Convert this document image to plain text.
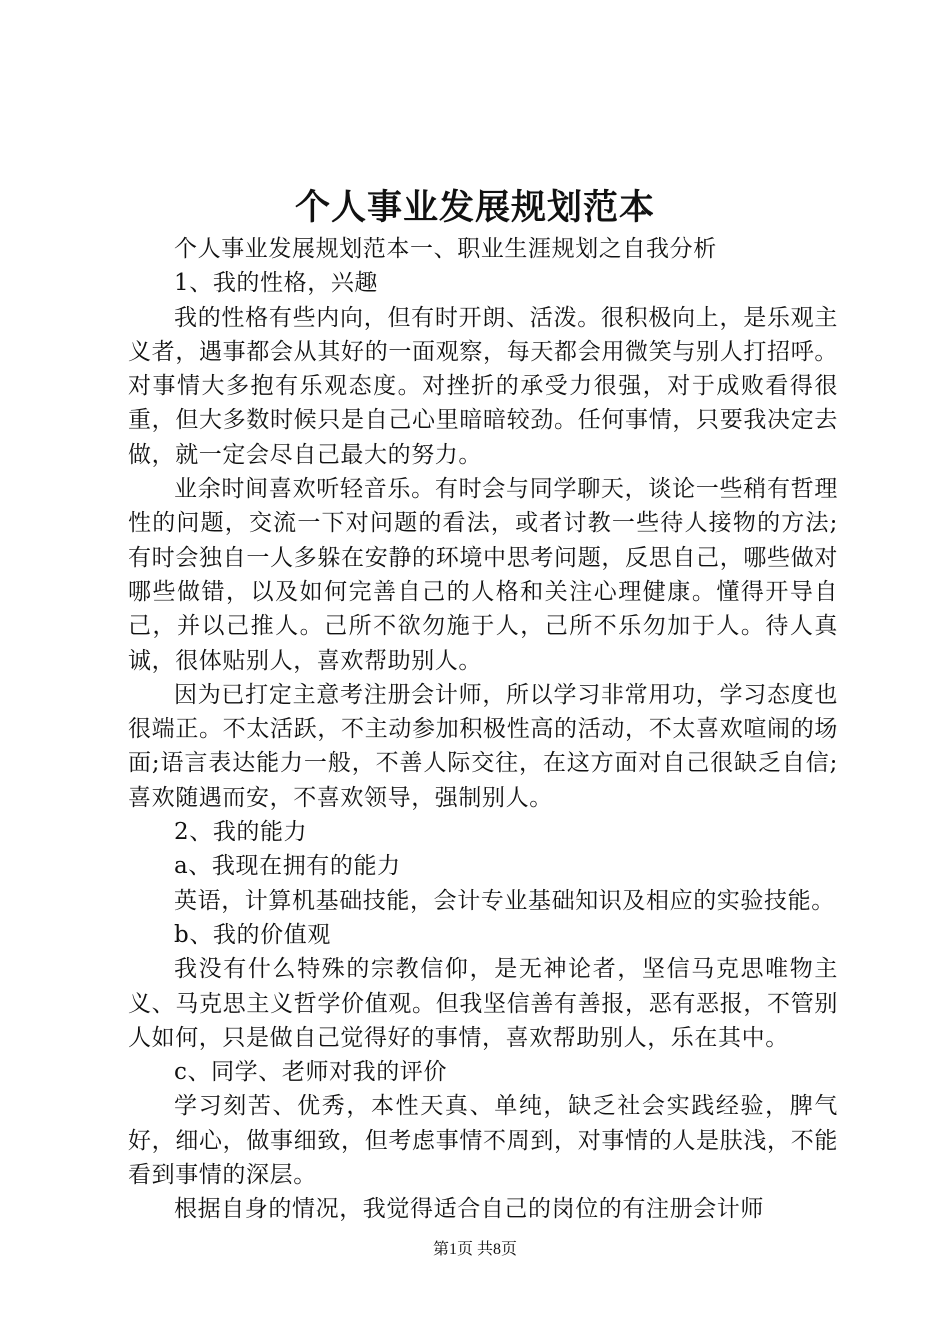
个人事业发展规划范本

个人事业发展规划范本一、职业生涯规划之自我分析

1、我的性格，兴趣

我的性格有些内向，但有时开朗、活泼。很积极向上，是乐观主义者，遇事都会从其好的一面观察，每天都会用微笑与别人打招呼。对事情大多抱有乐观态度。对挫折的承受力很强，对于成败看得很重，但大多数时候只是自己心里暗暗较劲。任何事情，只要我决定去做，就一定会尽自己最大的努力。

业余时间喜欢听轻音乐。有时会与同学聊天，谈论一些稍有哲理性的问题，交流一下对问题的看法，或者讨教一些待人接物的方法;有时会独自一人多躲在安静的环境中思考问题，反思自己，哪些做对哪些做错，以及如何完善自己的人格和关注心理健康。懂得开导自己，并以己推人。己所不欲勿施于人，己所不乐勿加于人。待人真诚，很体贴别人，喜欢帮助别人。

因为已打定主意考注册会计师，所以学习非常用功，学习态度也很端正。不太活跃，不主动参加积极性高的活动，不太喜欢喧闹的场面;语言表达能力一般，不善人际交往，在这方面对自己很缺乏自信;喜欢随遇而安，不喜欢领导，强制别人。

2、我的能力

a、我现在拥有的能力

英语，计算机基础技能，会计专业基础知识及相应的实验技能。

b、我的价值观

我没有什么特殊的宗教信仰，是无神论者，坚信马克思唯物主义、马克思主义哲学价值观。但我坚信善有善报，恶有恶报，不管别人如何，只是做自己觉得好的事情，喜欢帮助别人，乐在其中。

c、同学、老师对我的评价

学习刻苦、优秀，本性天真、单纯，缺乏社会实践经验，脾气好，细心，做事细致，但考虑事情不周到，对事情的人是肤浅，不能看到事情的深层。

根据自身的情况，我觉得适合自己的岗位的有注册会计师

第1页 共8页
